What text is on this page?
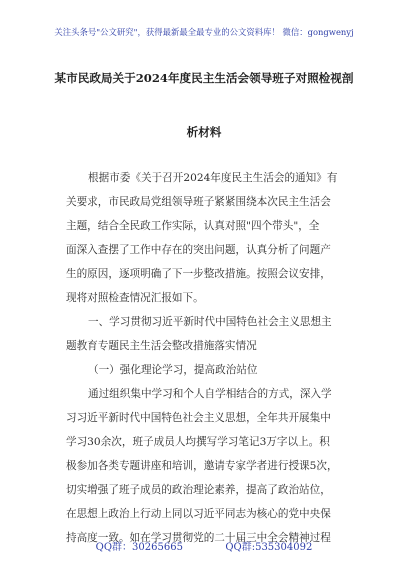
关注头条号"公文研究"，获得最新最全最专业的公文资料库！ 微信：gongwenyj
某市民政局关于2024年度民主生活会领导班子对照检视剖
析材料
根据市委《关于召开2024年度民主生活会的通知》有
关要求，市民政局党组领导班子紧紧围绕本次民主生活会
主题，结合全民政工作实际，认真对照"四个带头"，全
面深入查摆了工作中存在的突出问题，认真分析了问题产
生的原因，逐项明确了下一步整改措施。按照会议安排，
现将对照检查情况汇报如下。
一、学习贯彻习近平新时代中国特色社会主义思想主
题教育专题民主生活会整改措施落实情况
（一）强化理论学习，提高政治站位
通过组织集中学习和个人自学相结合的方式，深入学
习习近平新时代中国特色社会主义思想，全年共开展集中
学习30余次，班子成员人均撰写学习笔记3万字以上。积
极参加各类专题讲座和培训，邀请专家学者进行授课5次，
切实增强了班子成员的政治理论素养，提高了政治站位，
在思想上政治上行动上同以习近平同志为核心的党中央保
持高度一致。如在学习贯彻党的二十届三中全会精神过程
QQ群：30265665	QQ群:535304092
